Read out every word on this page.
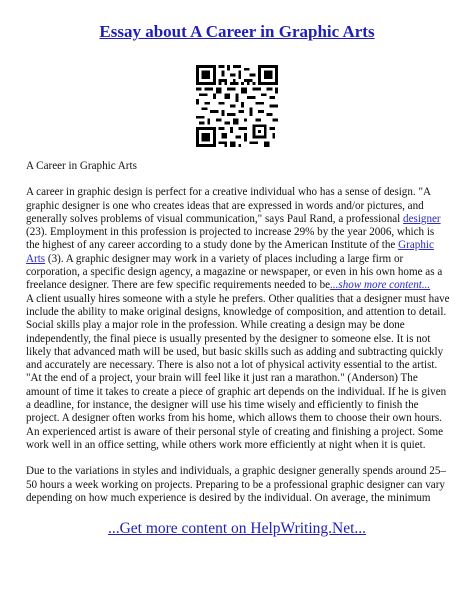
Essay about A Career in Graphic Arts

A Career in Graphic Arts

A career in graphic design is perfect for a creative individual who has a sense of design. "A graphic designer is one who creates ideas that are expressed in words and/or pictures, and generally solves problems of visual communication," says Paul Rand, a professional designer (23). Employment in this profession is projected to increase 29% by the year 2006, which is the highest of any career according to a study done by the American Institute of the Graphic Arts (3). A graphic designer may work in a variety of places including a large firm or corporation, a specific design agency, a magazine or newspaper, or even in his own home as a freelance designer. There are few specific requirements needed to be...show more content...
A client usually hires someone with a style he prefers. Other qualities that a designer must have include the ability to make original designs, knowledge of composition, and attention to detail. Social skills play a major role in the profession. While creating a design may be done independently, the final piece is usually presented by the designer to someone else. It is not likely that advanced math will be used, but basic skills such as adding and subtracting quickly and accurately are necessary. There is also not a lot of physical activity essential to the artist. "At the end of a project, your brain will feel like it just ran a marathon." (Anderson) The amount of time it takes to create a piece of graphic art depends on the individual. If he is given a deadline, for instance, the designer will use his time wisely and efficiently to finish the project. A designer often works from his home, which allows them to choose their own hours. An experienced artist is aware of their personal style of creating and finishing a project. Some work well in an office setting, while others work more efficiently at night when it is quiet.

Due to the variations in styles and individuals, a graphic designer generally spends around 25–50 hours a week working on projects. Preparing to be a professional graphic designer can vary depending on how much experience is desired by the individual. On average, the minimum

...Get more content on HelpWriting.Net...
